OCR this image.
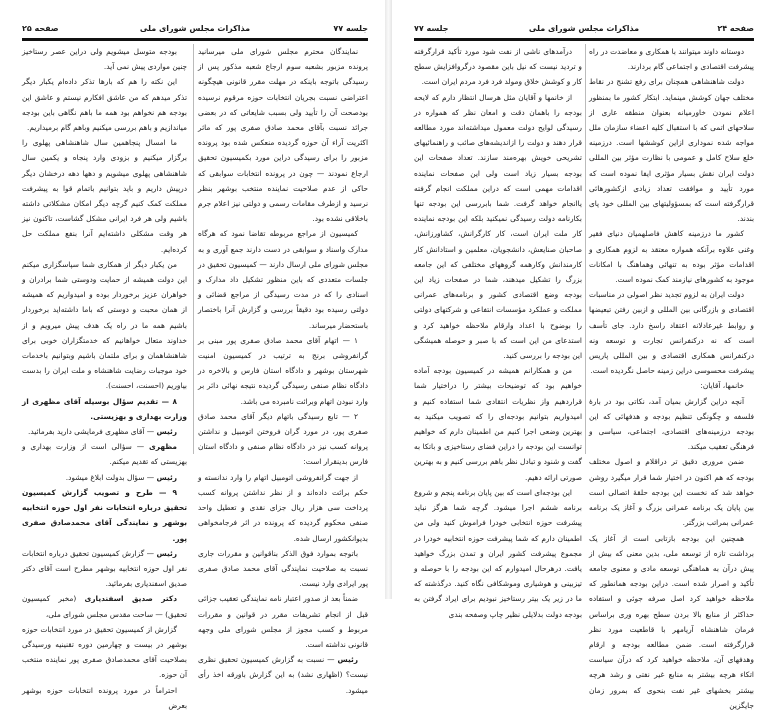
جلسه ۷۷
مذاکرات مجلس شورای ملی
صفحه ۲۵

نمایندگان محترم مجلس شورای ملی میرسانید پرونده مزبور بشعبه سوم ارجاع شعبه مذکور پس از رسیدگی باتوجه باینکه در مهلت مقرر قانونی هیچگونه اعتراضی نسبت بجریان انتخابات حوزه مرقوم نرسیده بودصحت آن را تأیید ولی بسبب شایعاتی که در بعضی جرائد نسبت بآقای محمد صادق صفری پور که ماثر اکثریت آراء آن حوزه گردیده منعکس شده بود پرونده مزبور را برای رسیدگی دراین مورد بکمیسیون تحقیق ارجاع نمودند — چون در پرونده انتخابات سوابقی که حاکی از عدم صلاحیت نماینده منتخب بوشهر بنظر نرسید و ازطرف مقامات رسمی و دولتی نیز اعلام جرم باخلاقی نشده بود.

کمیسیون از مراجع مربوطه تقاضا نمود که هرگاه مدارک واسناد و سوابقی در دست دارند جمع آوری و به مجلس شورای ملی ارسال دارند — کمیسیون تحقیق در جلسات متعددی که باین منظور تشکیل داد مدارک و اسنادی را که در مدت رسیدگی از مراجع قضائی و دولتی رسیده بود دقیقاً بررسی و گزارش آنرا باختصار باستحضار میرساند.

۱ — اتهام آقای محمد صادق صفری پور مبنی بر گرانفروشی برنج به ترتیب در کمیسیون امنیت شهرستان بوشهر و دادگاه استان فارس و بالاخره در دادگاه نظام صنفی رسیدگی گردیده نتیجه نهائی دائر بر وارد نبودن اتهام وبرائت نامبرده می باشد.

۲ — تابع رسیدگی باتهام دیگر آقای محمد صادق صفری پور، در مورد گران فروختن اتومبیل و نداشتن پروانه کسب نیز در دادگاه نظام صنفی و دادگاه استان فارس بدینقرار است:

از جهت گرانفروشی اتومبیل اتهام را وارد ندانسته و حکم برائت داده‌اند و از نظر نداشتن پروانه کسب پرداخت سی هزار ریال جزای نقدی و تعطیل واحد صنفی محکوم گردیده که پرونده در اثر فرجامخواهی بدیوانکشور ارسال شده.

باتوجه بموارد فوق الذکر بناقوانین و مقررات جاری نسبت به صلاحیت نمایندگی آقای محمد صادق صفری پور ایرادی وارد نیست.

ضمناً بعد از صدور اعتبار نامه نمایندگی تعقیب جزائی قبل از انجام تشریفات مقرر در قوانین و مقررات مربوط و کسب مجوز از مجلس شورای ملی وجهه قانونی نداشته است.

رئیس — نسبت به گزارش کمیسیون تحقیق نظری نیست؟ (اظهاری نشد) به این گزارش باورقه اخذ رأی میشود.

بودجه متوسل میشویم ولی دراین عصر رستاخیز چنین مواردی پیش نمی آید.

این نکته را هم که بارها تذکر داده‌ام یکبار دیگر تذکر میدهم که من عاشق افکارم نیستم و عاشق این بودجه هم نخواهم بود همه ما باهم نگاهی باین بودجه میاندازیم و باهم بررسی میکنیم وباهم گام برمیداریم.

ما امسال پنجاهمین سال شاهنشاهی پهلوی را برگزار میکنیم و بزودی وارد پنجاه و یکمین سال شاهنشاهی پهلوی میشویم و دهها دهه درخشان دیگر درپیش داریم و باید بتوانیم باتمام قوا به پیشرفت مملکت کمک کنیم گرچه دیگر امکان مشکلاتی داشته باشیم ولی هر فرد ایرانی مشکل گشاست، تاکنون نیز هر وقت مشکلی داشته‌ایم آنرا بنفع مملکت حل کرده‌ایم.

من یکبار دیگر از همکاری شما سپاسگزاری میکنم این دولت همیشه از حمایت ودوستی شما برادران و خواهران عزیز برخوردار بوده و امیدواریم که همیشه از همان محبت و دوستی که باما داشته‌اید برخوردار باشیم همه ما در راه یک هدف پیش میرویم و از خداوند متعال خواهانیم که خدمتگزاران خوبی برای شاهنشاهمان و برای ملتمان باشیم وبتوانیم باخدمات خود موجبات رضایت شاهنشاه و ملت ایران را بدست بیاوریم (احسنت، احسنت).

۸ — تقدیم سؤال بوسیله آقای مظهری از وزارت بهداری و بهزیستی.

رئیس — آقای مظهری فرمایشی دارید بفرمائید.

مظهری — سؤالی است از وزارت بهداری و بهزیستی که تقدیم میکنم.

رئیس — سؤال بدولت ابلاغ میشود.

۹ — طرح و تصویب گزارش کمیسیون تحقیق درباره انتخابات نفر اول حوزه انتخابیه بوشهر و نمایندگی آقای محمدصادق صفری پور.

رئیس — گزارش کمیسیون تحقیق درباره انتخابات نفر اول حوزه انتخابیه بوشهر مطرح است آقای دکتر صدیق اسفندیاری بفرمائید.

دکتر صدیق اسفندیاری (مخبر کمیسیون تحقیق) — ساحت مقدس مجلس شورای ملی،

گزارش از کمیسیون تحقیق در مورد انتخابات حوزه بوشهر در بیست و چهارمین دوره تقنینیه ورسیدگی بصلاحیت آقای محمدصادق صفری پور نماینده منتخب آن حوزه.

احتراماً در مورد پرونده انتخابات حوزه بوشهر بعرض

صفحه ۲۴
مذاکرات مجلس شورای ملی
جلسه ۷۷

دوستانه داوند میتوانند با همکاری و معاضدت در راه پیشرفت اقتصادی و اجتماعی گام بردارند.

دولت شاهنشاهی همچنان برای رفع تشنج در نقاط مختلف جهان کوشش مینماید. ابتکار کشور ما بمنظور اعلام نمودن خاورمیانه بعنوان منطقه عاری از سلاحهای اتمی که با استقبال کلیه اعضاء سازمان ملل مواجه شده نموداری ازاین کوششها است. درزمینه خلع سلاح کامل و عمومی با نظارت مؤثر بین المللی دولت ایران نقش بسیار مؤثری ایفا نموده است که مورد تأیید و موافقت تعداد زیادی ازکشورهائی قرارگرفته است که بمسؤولیتهای بین المللی خود پای بندند.

کشور ما درزمینه کاهش فاصلهمیان دنیای فقیر وغنی علاوه برآنکه همواره معتقد به لزوم همکاری و اقدامات مؤثر بوده به تنهائی وهماهنگ با امکانات موجود به کشورهای نیازمند کمک نموده است.

دولت ایران به لزوم تجدید نظر اصولی در مناسبات اقتصادی و بازرگانی بین المللی و ازبین رفتن تبعیضها و روابط غیرعادلانه اعتقاد راسخ دارد. جای تأسف است که نه درکنفرانس تجارت و توسعه ونه درکنفرانس همکاری اقتصادی و بین المللی پاریس پیشرفت محسوسی دراین زمینه حاصل نگردیده است.

خانمها، آقایان:

آنچه دراین گزارش بمیان آمد، نکاتی بود در بارهٔ فلسفه و چگونگی تنظیم بودجه و هدفهائی که این بودجه درزمینه‌های اقتصادی، اجتماعی، سیاسی و فرهنگی تعقیب میکند.

ضمن مروری دقیق تر دراقلام و اصول مختلف بودجه که هم اکنون در اختیار شما قرار میگیرد روشن خواهد شد که نخست این بودجه حلقهٔ اتصالی است بین پایان یک برنامه عمرانی بزرگ و آغاز یک برنامه عمرانی بمراتب بزرگتر.

همچنین این بودجه بازتابی است از آغاز یک برداشت تازه از توسعه ملی، بدین معنی که بیش از پیش درآن به هماهنگی توسعه مادی و معنوی جامعه تأکید و اصرار شده است. دراین بودجه همانطور که ملاحظه خواهید کرد اصل صرفه جوئی و استفاده حداکثر از منابع بالا بردن سطح بهره وری براساس فرمان شاهنشاه آریامهر با قاطعیت مورد نظر قرارگرفته است. ضمن مطالعه بودجه و ارقام وهدفهای آن، ملاحظه خواهید کرد که درآن سیاست اتکاء هرچه بیشتر به منابع غیر نفتی و رشد هرچه بیشتر بخشهای غیر نفت بنحوی که بمرور زمان جایگزین

درآمدهای ناشی از نفت شود مورد تأکید قرارگرفته و تردید نیست که نیل باین مقصود درگروافزایش سطح کار و کوشش خلاق ومولد فرد فرد مردم ایران است.

از خانمها و آقایان مثل هرسال انتظار دارم که لایحه بودجه را باهمان دقت و امعان نظر که همواره در رسیدگی لوایح دولت معمول میداشته‌اند مورد مطالعه قرار دهند و دولت را ازاندیشه‌های صائب و راهنمائیهای تشریحی خویش بهره‌مند سازند. تعداد صفحات این بودجه بسیار زیاد است ولی این صفحات نماینده اقدامات مهمی است که دراین مملکت انجام گرفته یاانجام خواهد گرفت. شما بابررسی این بودجه تنها بکارنامه دولت رسیدگی نمیکنید بلکه این بودجه نماینده کار ملت ایران است، کار کارگرانش، کشاورزانش، صاحبان صنایعش، دانشجویان، معلمین و استادانش کار کارمندانش وکارهمه گروههای مختلفی که این جامعه بزرگ را تشکیل میدهند، شما در صفحات زیاد این بودجه وضع اقتصادی کشور و برنامه‌های عمرانی مملکت و عملکرد مؤسسات انتفاعی و شرکتهای دولتی را بوضوح با اعداد وارقام ملاحظه خواهید کرد و استدعای من این است که با صبر و حوصله همیشگی این بودجه را بررسی کنید.

من و همکارانم همیشه در کمیسیون بودجه آماده خواهیم بود که توضیحات بیشتر را دراختیار شما قراردهیم واز نظریات انتقادی شما استفاده کنیم و امیدواریم بتوانیم بودجه‌ای را که تصویب میکنید به بهترین وضعی اجرا کنیم من اطمینان دارم که خواهیم توانست این بودجه را دراین فضای رستاخیزی و باتکا به گفت و شنود و تبادل نظر باهم بررسی کنیم و به بهترین صورتی ارائه دهیم.

این بودجه‌ای است که بین پایان برنامه پنجم و شروع برنامه ششم اجرا میشود. گرچه شما هرگز نباید پیشرفت حوزه انتخابی خودرا فراموش کنید ولی من اطمینان دارم که شما پیشرفت حوزه انتخابیه خودرا در مجموع پیشرفت کشور ایران و تمدن بزرگ خواهید یافت. درهرحال امیدوارم که این بودجه را با حوصله و تیزبینی و هوشیاری وموشکافی نگاه کنید. درگذشته که ما در زیر یک بیتر رستاخیز نبودیم برای ایراد گرفتن به بودجه دولت بدلایلی نظیر چاپ وصفحه بندی
